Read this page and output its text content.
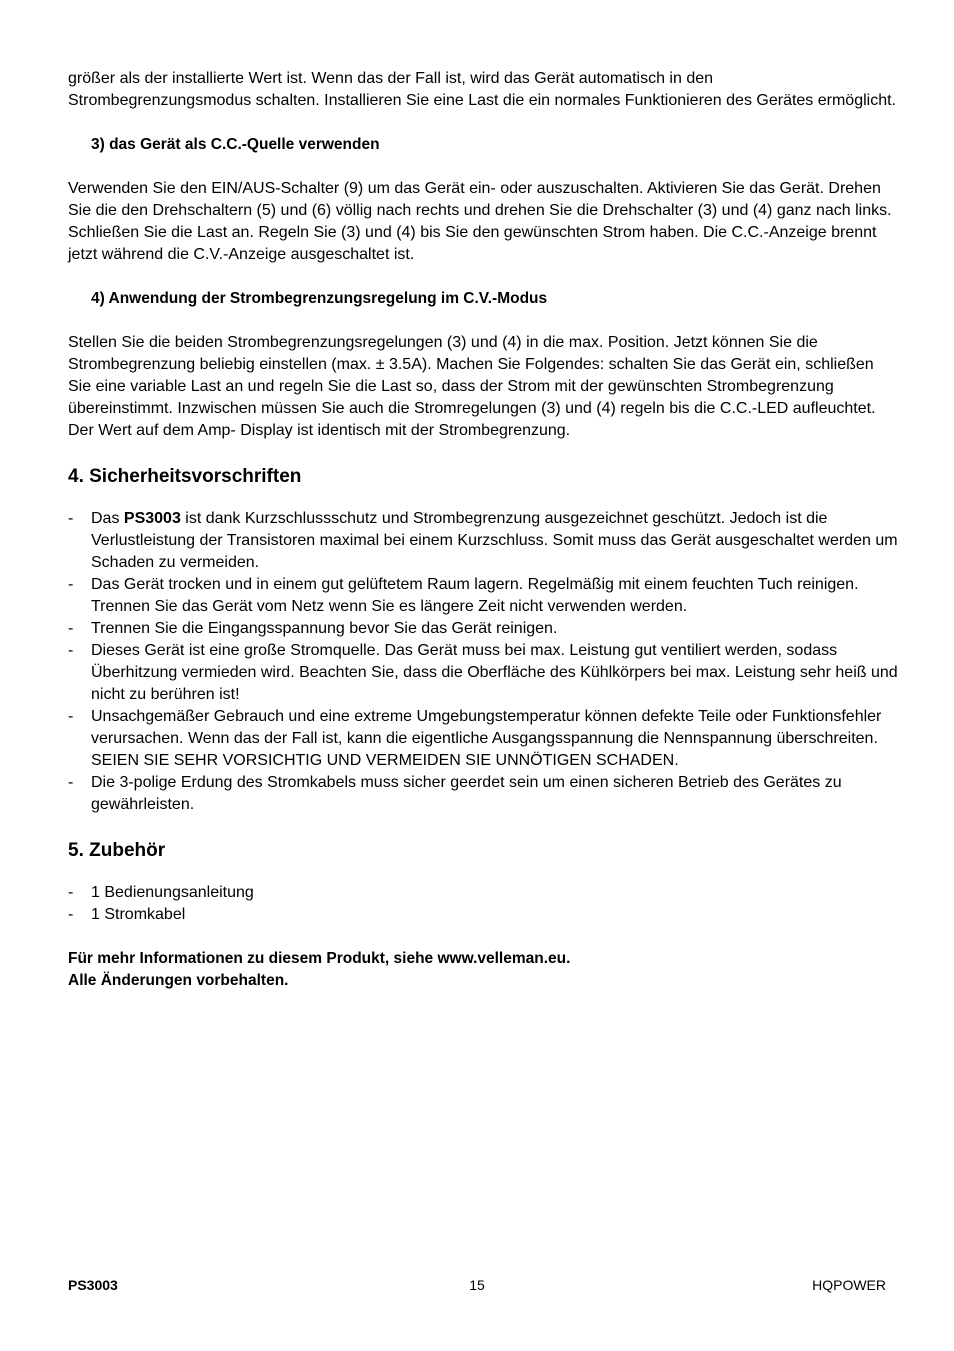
größer als der installierte Wert ist. Wenn das der Fall ist, wird das Gerät automatisch in den Strombegrenzungsmodus schalten. Installieren Sie eine Last die ein normales Funktionieren des Gerätes ermöglicht.

3) das Gerät als C.C.-Quelle verwenden

Verwenden Sie den EIN/AUS-Schalter (9) um das Gerät ein- oder auszuschalten. Aktivieren Sie das Gerät. Drehen Sie die den Drehschaltern (5) und (6) völlig nach rechts und drehen Sie die Drehschalter (3) und (4) ganz nach links. Schließen Sie die Last an. Regeln Sie (3) und (4) bis Sie den gewünschten Strom haben. Die C.C.-Anzeige brennt jetzt während die C.V.-Anzeige ausgeschaltet ist.

4) Anwendung der Strombegrenzungsregelung im C.V.-Modus

Stellen Sie die beiden Strombegrenzungsregelungen (3) und (4) in die max. Position. Jetzt können Sie die Strombegrenzung beliebig einstellen (max. ± 3.5A). Machen Sie Folgendes: schalten Sie das Gerät ein, schließen Sie eine variable Last an und regeln Sie die Last so, dass der Strom mit der gewünschten Strombegrenzung übereinstimmt. Inzwischen müssen Sie auch die Stromregelungen (3) und (4) regeln bis die C.C.-LED aufleuchtet. Der Wert auf dem Amp- Display ist identisch mit der Strombegrenzung.

4. Sicherheitsvorschriften
- Das PS3003 ist dank Kurzschlussschutz und Strombegrenzung ausgezeichnet geschützt. Jedoch ist die Verlustleistung der Transistoren maximal bei einem Kurzschluss. Somit muss das Gerät ausgeschaltet werden um Schaden zu vermeiden.
- Das Gerät trocken und in einem gut gelüftetem Raum lagern. Regelmäßig mit einem feuchten Tuch reinigen. Trennen Sie das Gerät vom Netz wenn Sie es längere Zeit nicht verwenden werden.
- Trennen Sie die Eingangsspannung bevor Sie das Gerät reinigen.
- Dieses Gerät ist eine große Stromquelle. Das Gerät muss bei max. Leistung gut ventiliert werden, sodass Überhitzung vermieden wird. Beachten Sie, dass die Oberfläche des Kühlkörpers bei max. Leistung sehr heiß und nicht zu berühren ist!
- Unsachgemäßer Gebrauch und eine extreme Umgebungstemperatur können defekte Teile oder Funktionsfehler verursachen. Wenn das der Fall ist, kann die eigentliche Ausgangsspannung die Nennspannung überschreiten. SEIEN SIE SEHR VORSICHTIG UND VERMEIDEN SIE UNNÖTIGEN SCHADEN.
- Die 3-polige Erdung des Stromkabels muss sicher geerdet sein um einen sicheren Betrieb des Gerätes zu gewährleisten.
5. Zubehör
- 1 Bedienungsanleitung
- 1 Stromkabel

Für mehr Informationen zu diesem Produkt, siehe www.velleman.eu.

Alle Änderungen vorbehalten.

PS3003	15	HQPOWER
